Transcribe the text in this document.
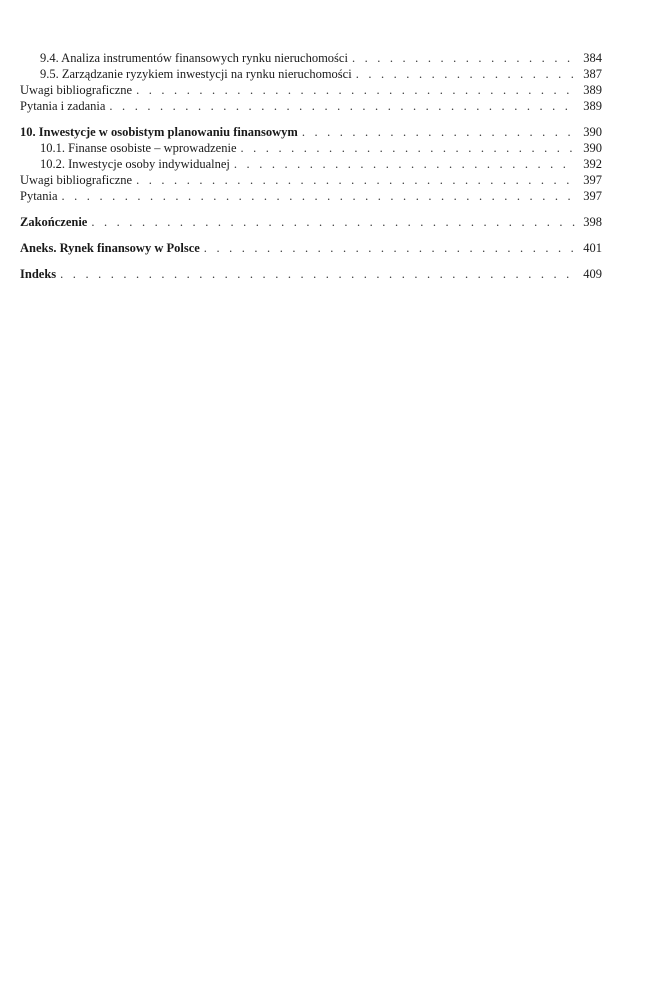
9.4. Analiza instrumentów finansowych rynku nieruchomości . . .	384
9.5. Zarządzanie ryzykiem inwestycji na rynku nieruchomości . . .	387
Uwagi bibliograficzne . . .	389
Pytania i zadania . . .	389
10. Inwestycje w osobistym planowaniu finansowym . . .	390
10.1. Finanse osobiste – wprowadzenie . . .	390
10.2. Inwestycje osoby indywidualnej . . .	392
Uwagi bibliograficzne . . .	397
Pytania . . .	397
Zakończenie . . .	398
Aneks. Rynek finansowy w Polsce . . .	401
Indeks . . .	409
